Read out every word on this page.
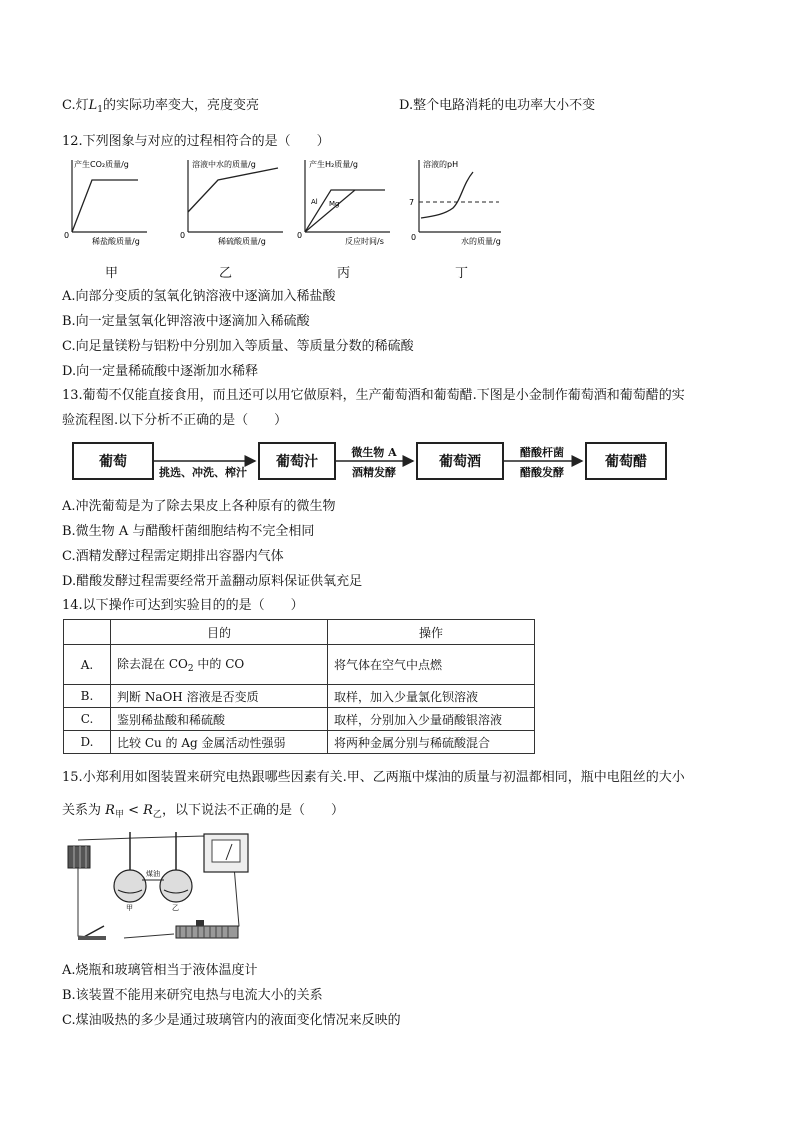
C.灯$L_1$的实际功率变大，亮度变亮	D.整个电路消耗的电功率大小不变
12.下列图象与对应的过程相符合的是（　　）
产生CO₂质量/g
0
稀盐酸质量/g
甲
溶液中水的质量/g
0
稀硫酸质量/g
乙
产生H₂质量/g
Al Mg
0
反应时间/s
丙
溶液的pH
7
0	水的质量/g
丁
A.向部分变质的氢氧化钠溶液中逐滴加入稀盐酸
B.向一定量氢氧化钾溶液中逐滴加入稀硫酸
C.向足量镁粉与铝粉中分别加入等质量、等质量分数的稀硫酸
D.向一定量稀硫酸中逐渐加水稀释
13.葡萄不仅能直接食用，而且还可以用它做原料，生产葡萄酒和葡萄醋.下图是小金制作葡萄酒和葡萄醋的实
验流程图.以下分析不正确的是（　　）
葡萄	葡萄汁	葡萄酒	葡萄醋
挑选、冲洗、榨汁
微生物 A
酒精发酵
醋酸杆菌
醋酸发酵
A.冲洗葡萄是为了除去果皮上各种原有的微生物
B.微生物 A 与醋酸杆菌细胞结构不完全相同
C.酒精发酵过程需定期排出容器内气体
D.醋酸发酵过程需要经常开盖翻动原料保证供氧充足
14.以下操作可达到实验目的的是（　　）
	目的	操作
A.	除去混在 $CO_2$ 中的 CO	将气体在空气中点燃
B.	判断 NaOH 溶液是否变质	取样，加入少量氯化钡溶液
C.	鉴别稀盐酸和稀硫酸	取样，分别加入少量硝酸银溶液
D.	比较 Cu 的 Ag 金属活动性强弱	将两种金属分别与稀硫酸混合
15.小郑利用如图装置来研究电热跟哪些因素有关.甲、乙两瓶中煤油的质量与初温都相同，瓶中电阻丝的大小
关系为 $R_甲 < R_乙$，以下说法不正确的是（　　）
甲	乙
煤油
A.烧瓶和玻璃管相当于液体温度计
B.该装置不能用来研究电热与电流大小的关系
C.煤油吸热的多少是通过玻璃管内的液面变化情况来反映的
